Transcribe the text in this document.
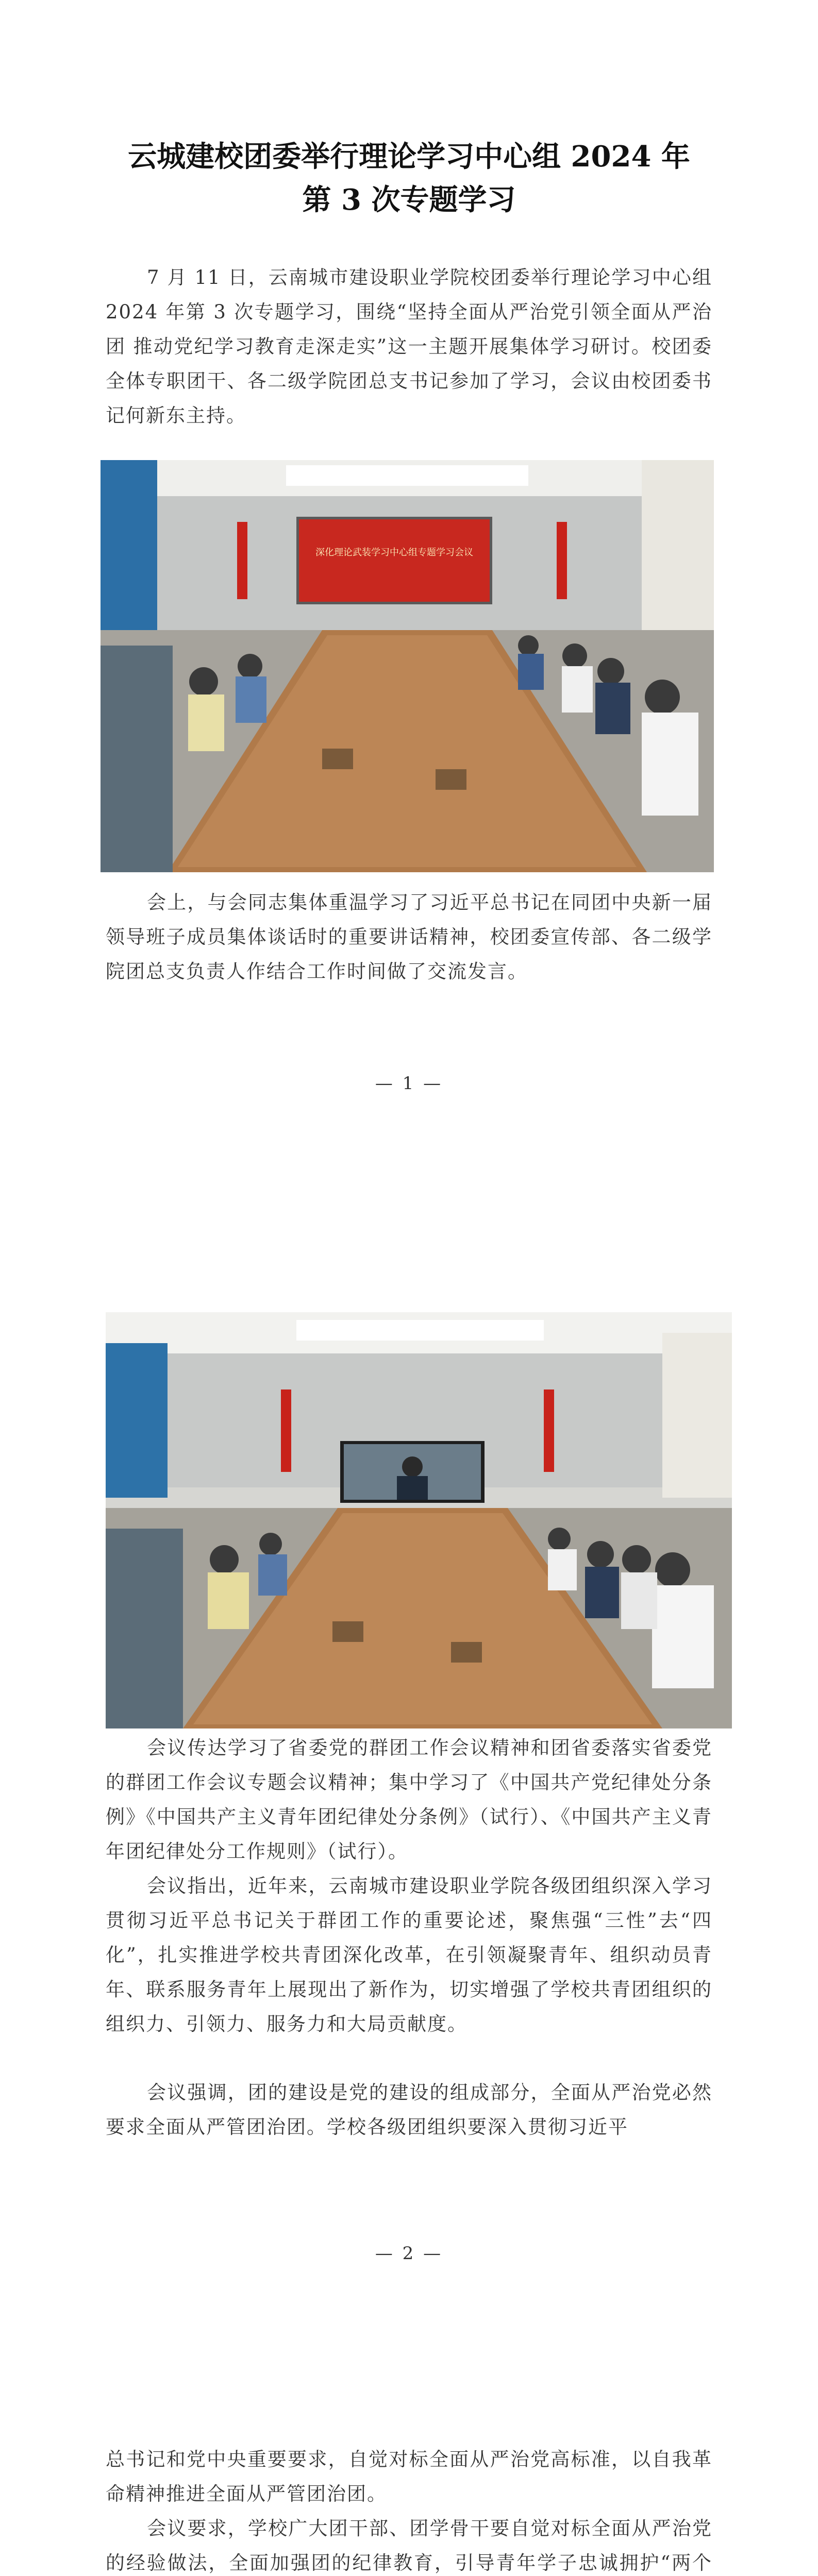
云城建校团委举行理论学习中心组 2024 年
第 3 次专题学习

7 月 11 日，云南城市建设职业学院校团委举行理论学习中心组 2024 年第 3 次专题学习，围绕“坚持全面从严治党引领全面从严治团 推动党纪学习教育走深走实”这一主题开展集体学习研讨。校团委全体专职团干、各二级学院团总支书记参加了学习，会议由校团委书记何新东主持。

深化理论武装学习中心组专题学习会议

会上，与会同志集体重温学习了习近平总书记在同团中央新一届领导班子成员集体谈话时的重要讲话精神，校团委宣传部、各二级学院团总支负责人作结合工作时间做了交流发言。

— 1 —

会议传达学习了省委党的群团工作会议精神和团省委落实省委党的群团工作会议专题会议精神；集中学习了《中国共产党纪律处分条例》《中国共产主义青年团纪律处分条例》（试行）、《中国共产主义青年团纪律处分工作规则》（试行）。

会议指出，近年来，云南城市建设职业学院各级团组织深入学习贯彻习近平总书记关于群团工作的重要论述，聚焦强“三性”去“四化”，扎实推进学校共青团深化改革，在引领凝聚青年、组织动员青年、联系服务青年上展现出了新作为，切实增强了学校共青团组织的组织力、引领力、服务力和大局贡献度。

会议强调，团的建设是党的建设的组成部分，全面从严治党必然要求全面从严管团治团。学校各级团组织要深入贯彻习近平

— 2 —

总书记和党中央重要要求，自觉对标全面从严治党高标准，以自我革命精神推进全面从严管团治团。

会议要求，学校广大团干部、团学骨干要自觉对标全面从严治党的经验做法，全面加强团的纪律教育，引导青年学子忠诚拥护“两个
